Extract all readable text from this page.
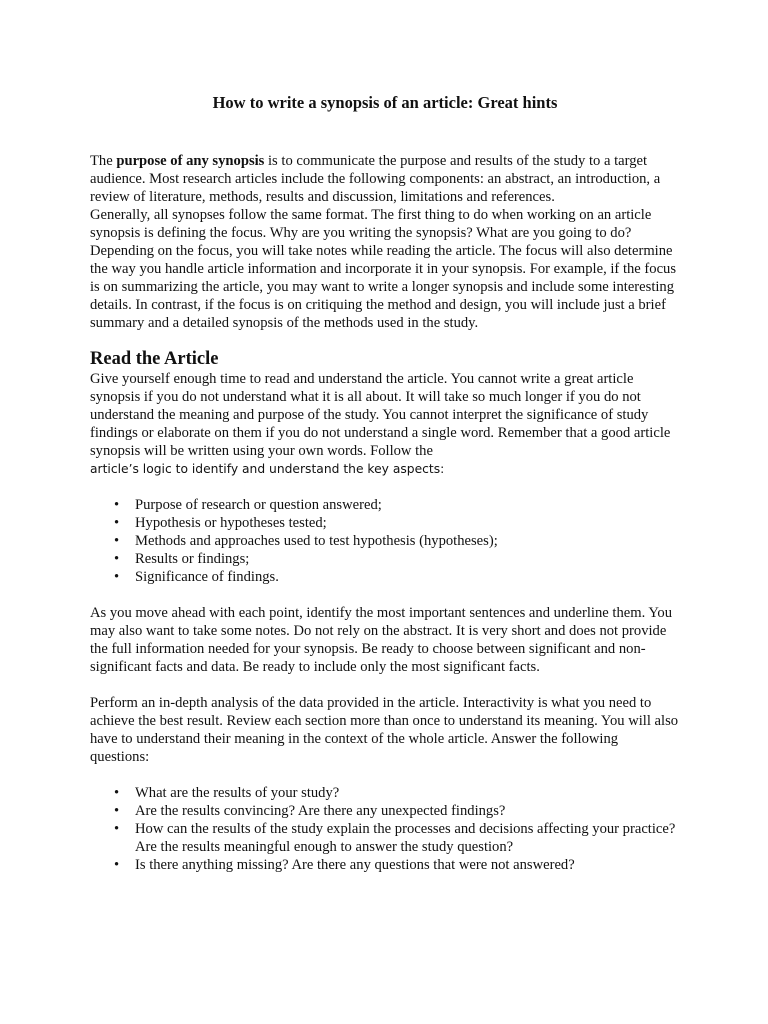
How to write a synopsis of an article: Great hints

The purpose of any synopsis is to communicate the purpose and results of the study to a target audience. Most research articles include the following components: an abstract, an introduction, a review of literature, methods, results and discussion, limitations and references.

Generally, all synopses follow the same format. The first thing to do when working on an article synopsis is defining the focus. Why are you writing the synopsis? What are you going to do? Depending on the focus, you will take notes while reading the article. The focus will also determine the way you handle article information and incorporate it in your synopsis. For example, if the focus is on summarizing the article, you may want to write a longer synopsis and include some interesting details. In contrast, if the focus is on critiquing the method and design, you will include just a brief summary and a detailed synopsis of the methods used in the study.

Read the Article

Give yourself enough time to read and understand the article. You cannot write a great article synopsis if you do not understand what it is all about. It will take so much longer if you do not understand the meaning and purpose of the study. You cannot interpret the significance of study findings or elaborate on them if you do not understand a single word. Remember that a good article synopsis will be written using your own words. Follow the
article’s logic to identify and understand the key aspects:

• Purpose of research or question answered;
• Hypothesis or hypotheses tested;
• Methods and approaches used to test hypothesis (hypotheses);
• Results or findings;
• Significance of findings.

As you move ahead with each point, identify the most important sentences and underline them. You may also want to take some notes. Do not rely on the abstract. It is very short and does not provide the full information needed for your synopsis. Be ready to choose between significant and non-significant facts and data. Be ready to include only the most significant facts.

Perform an in-depth analysis of the data provided in the article. Interactivity is what you need to achieve the best result. Review each section more than once to understand its meaning. You will also have to understand their meaning in the context of the whole article. Answer the following questions:

• What are the results of your study?
• Are the results convincing? Are there any unexpected findings?
• How can the results of the study explain the processes and decisions affecting your practice? Are the results meaningful enough to answer the study question?
• Is there anything missing? Are there any questions that were not answered?
